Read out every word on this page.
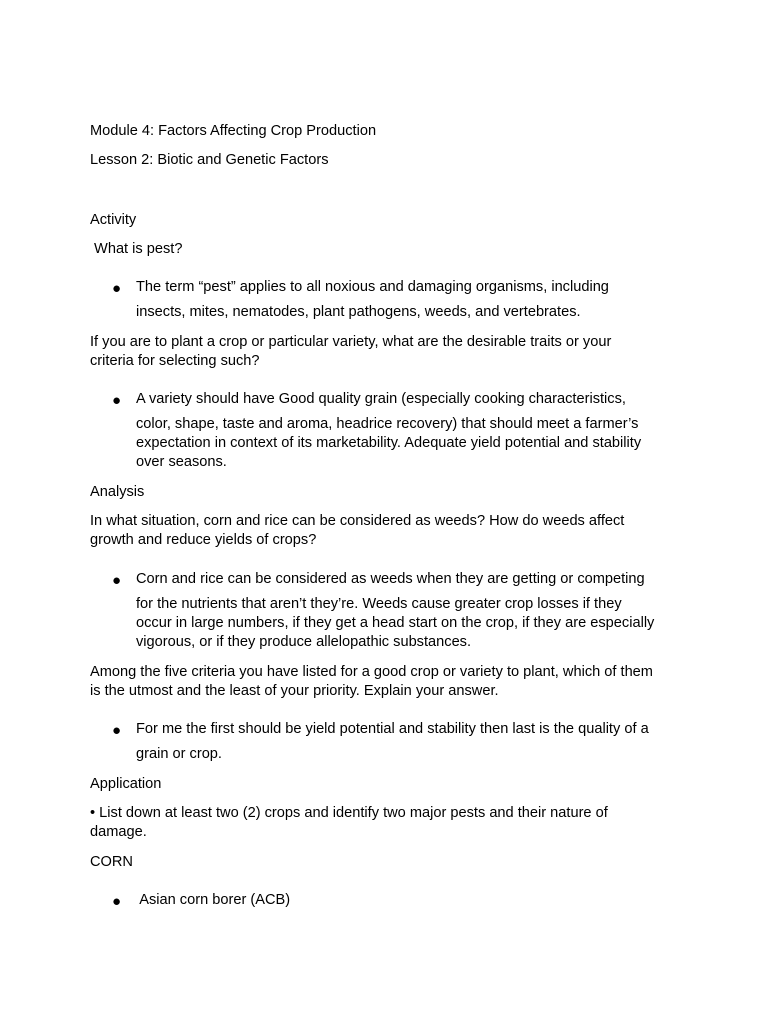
Module 4: Factors Affecting Crop Production
Lesson 2: Biotic and Genetic Factors
Activity
What is pest?
●	The term “pest” applies to all noxious and damaging organisms, including
insects, mites, nematodes, plant pathogens, weeds, and vertebrates.
If you are to plant a crop or particular variety, what are the desirable traits or your
criteria for selecting such?
●	A variety should have Good quality grain (especially cooking characteristics,
color, shape, taste and aroma, headrice recovery) that should meet a farmer’s
expectation in context of its marketability. Adequate yield potential and stability
over seasons.
Analysis
In what situation, corn and rice can be considered as weeds? How do weeds affect
growth and reduce yields of crops?
●	Corn and rice can be considered as weeds when they are getting or competing
for the nutrients that aren’t they’re. Weeds cause greater crop losses if they
occur in large numbers, if they get a head start on the crop, if they are especially
vigorous, or if they produce allelopathic substances.
Among the five criteria you have listed for a good crop or variety to plant, which of them
is the utmost and the least of your priority. Explain your answer.
●	For me the first should be yield potential and stability then last is the quality of a
grain or crop.
Application
• List down at least two (2) crops and identify two major pests and their nature of
damage.
CORN
●	Asian corn borer (ACB)
